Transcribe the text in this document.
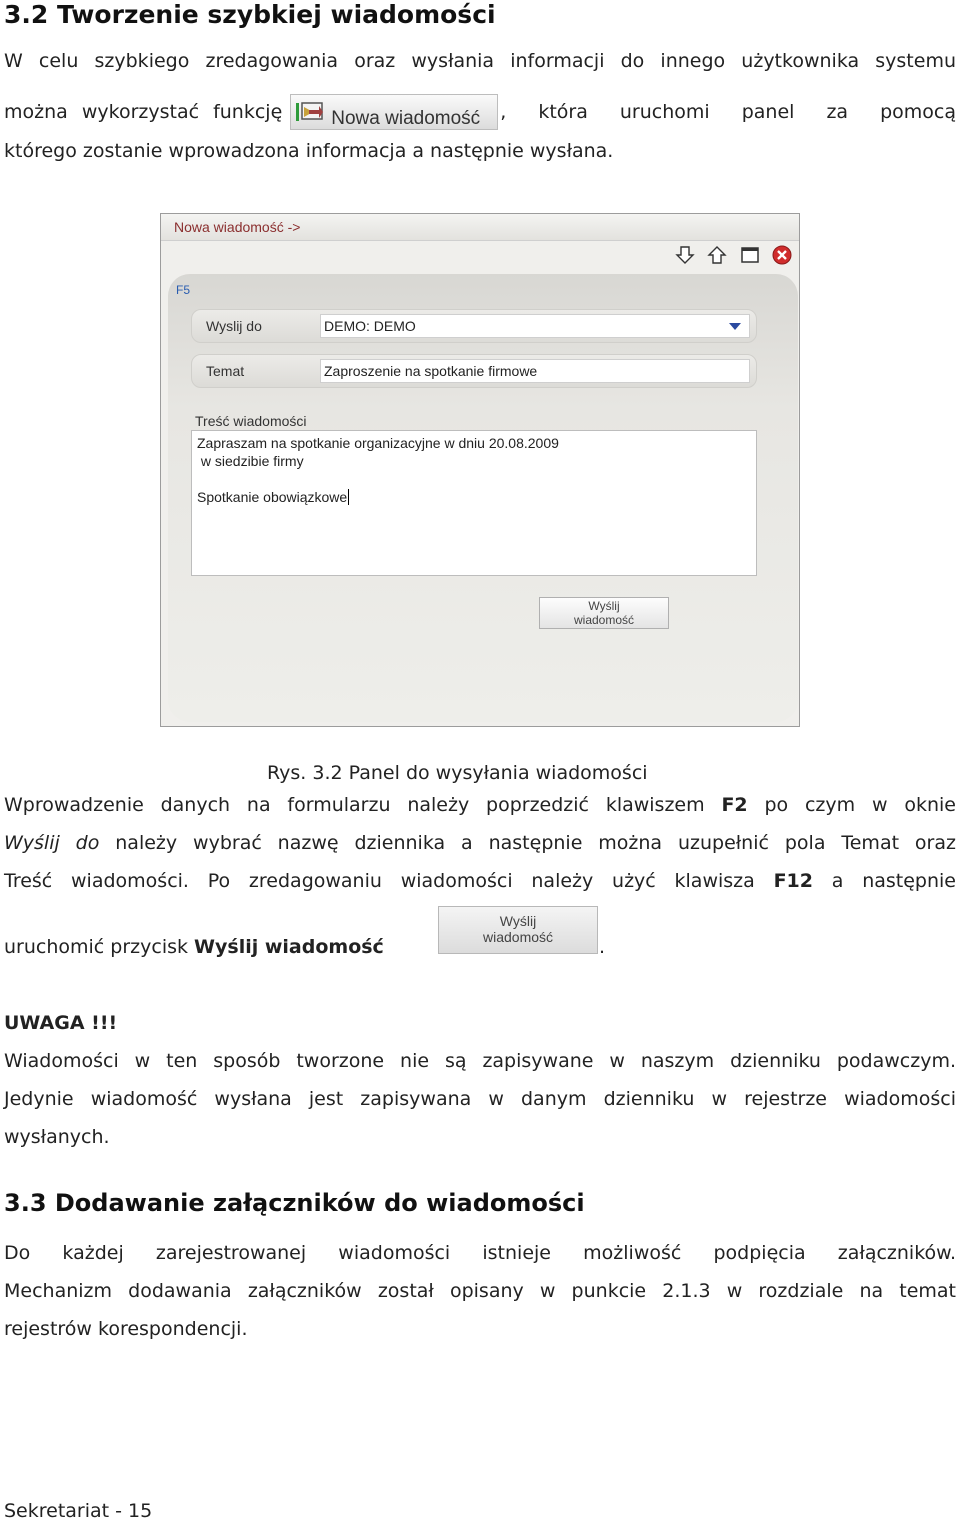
3.2 Tworzenie szybkiej wiadomości
W celu szybkiego zredagowania oraz wysłania informacji do innego użytkownika systemu
można wykorzystać funkcję	Nowa wiadomość , która uruchomi panel za pomocą
którego zostanie wprowadzona informacja a następnie wysłana.
Nowa wiadomość ->

F5
Wyslij do	DEMO: DEMO
Temat	Zaproszenie na spotkanie firmowe
Treść wiadomości
Zapraszam na spotkanie organizacyjne w dniu 20.08.2009
w siedzibie firmy
Spotkanie obowiązkowe
Wyślij
wiadomość
Rys. 3.2 Panel do wysyłania wiadomości
Wprowadzenie danych na formularzu należy poprzedzić klawiszem F2 po czym w oknie
Wyślij do należy wybrać nazwę dziennika a następnie można uzupełnić pola Temat oraz
Treść wiadomości. Po zredagowaniu wiadomości należy użyć klawisza F12 a następnie
uruchomić przycisk Wyślij wiadomość
Wyślij
wiadomość	.
UWAGA !!!
Wiadomości w ten sposób tworzone nie są zapisywane w naszym dzienniku podawczym.
Jedynie wiadomość wysłana jest zapisywana w danym dzienniku w rejestrze wiadomości
wysłanych.
3.3 Dodawanie załączników do wiadomości
Do każdej zarejestrowanej wiadomości istnieje możliwość podpięcia załączników.
Mechanizm dodawania załączników został opisany w punkcie 2.1.3 w rozdziale na temat
rejestrów korespondencji.
Sekretariat - 15
